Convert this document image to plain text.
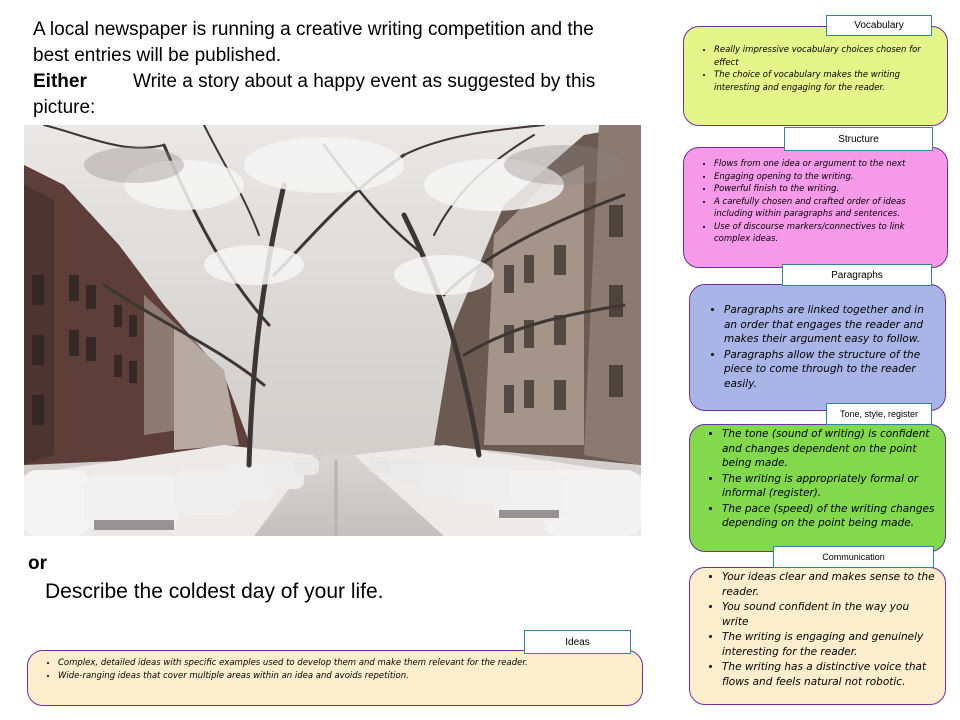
A local newspaper is running a creative writing competition and the best entries will be published.

Either Write a story about a happy event as suggested by this picture:

or
Describe the coldest day of your life.
• Really impressive vocabulary choices chosen for effect
• The choice of vocabulary makes the writing interesting and engaging for the reader.
Vocabulary
• Flows from one idea or argument to the next
• Engaging opening to the writing.
• Powerful finish to the writing.
• A carefully chosen and crafted order of ideas including within paragraphs and sentences.
• Use of discourse markers/connectives to link complex ideas.
Structure
• Paragraphs are linked together and in an order that engages the reader and makes their argument easy to follow.
• Paragraphs allow the structure of the piece to come through to the reader easily.
Paragraphs
• The tone (sound of writing) is confident and changes dependent on the point being made.
• The writing is appropriately formal or informal (register).
• The pace (speed) of the writing changes depending on the point being made.
Tone, style, register
• Your ideas clear and makes sense to the reader.
• You sound confident in the way you write
• The writing is engaging and genuinely interesting for the reader.
• The writing has a distinctive voice that flows and feels natural not robotic.
Communication
• Complex, detailed ideas with specific examples used to develop them and make them relevant for the reader.
• Wide-ranging ideas that cover multiple areas within an idea and avoids repetition.
Ideas
